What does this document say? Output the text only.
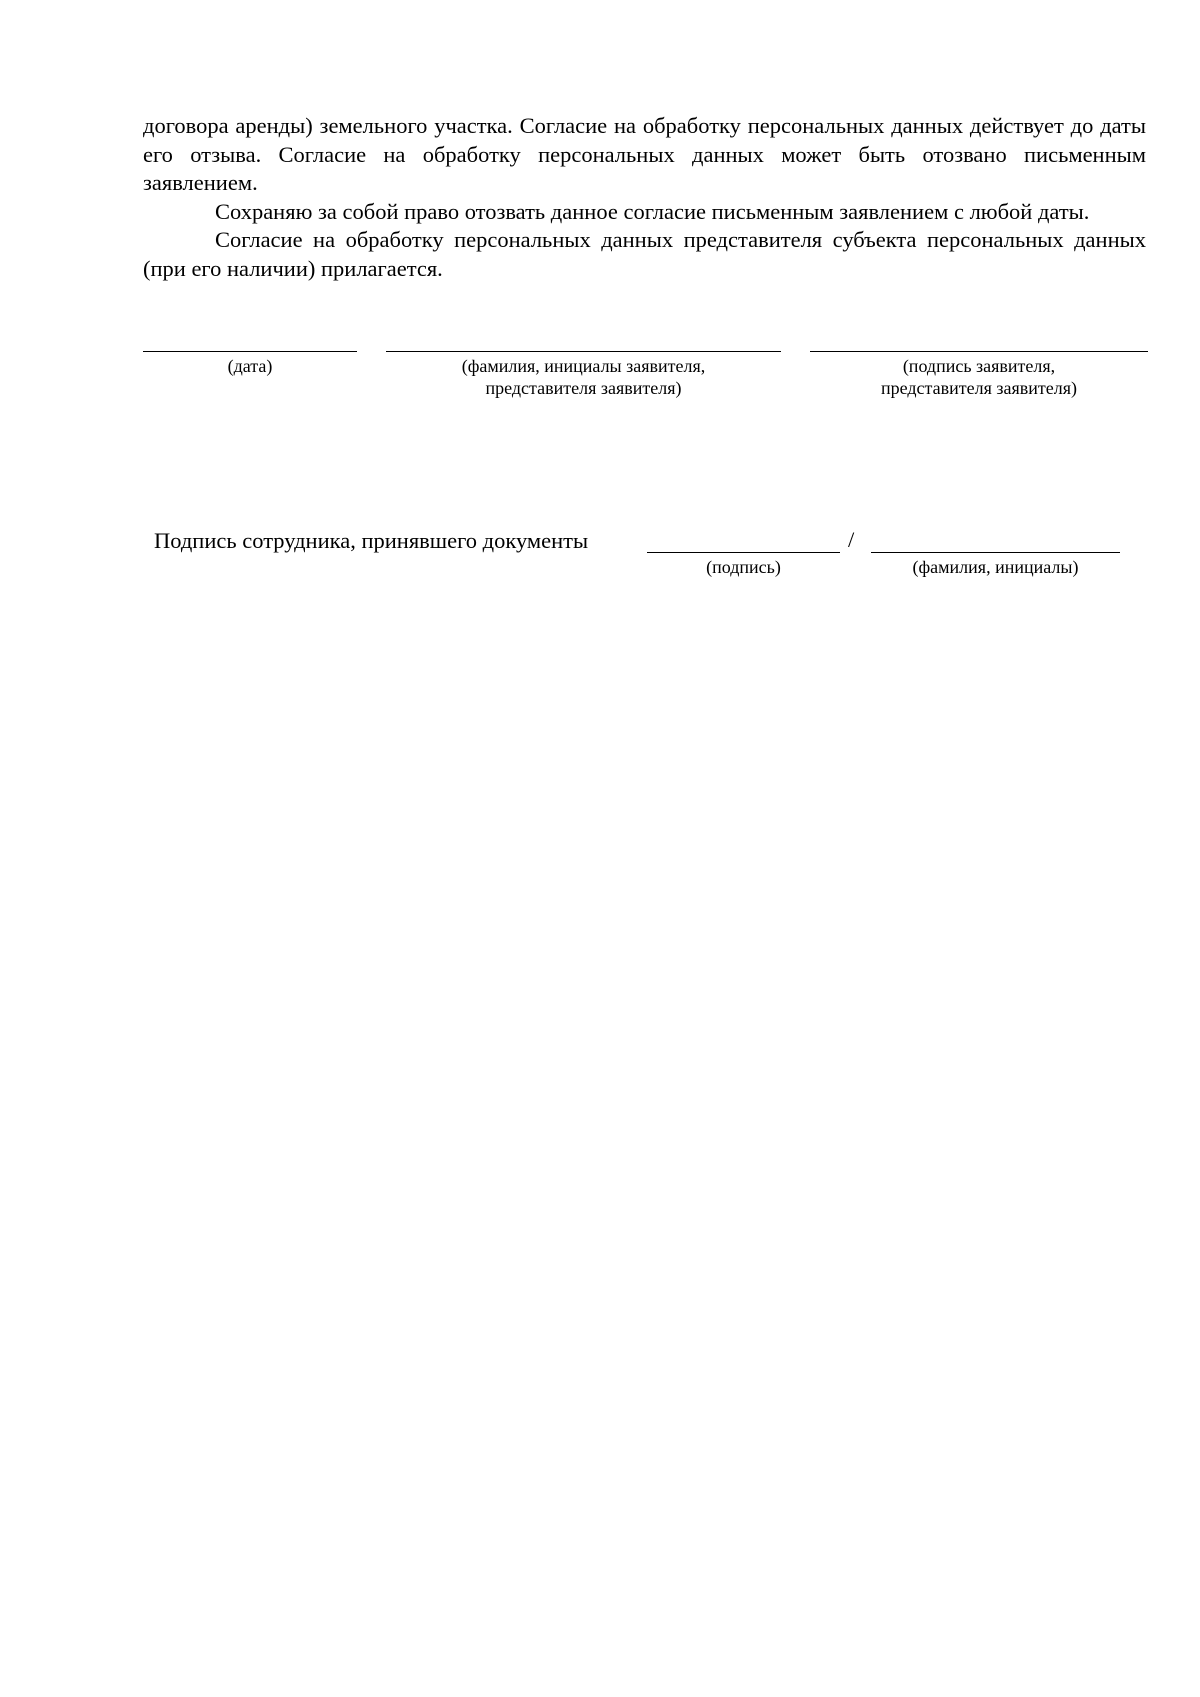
договора аренды) земельного участка. Согласие на обработку персональных данных действует до даты его отзыва. Согласие на обработку персональных данных может быть отозвано письменным заявлением.

Сохраняю за собой право отозвать данное согласие письменным заявлением с любой даты.

Согласие на обработку персональных данных представителя субъекта персональных данных (при его наличии) прилагается.

(дата)	(фамилия, инициалы заявителя,
представителя заявителя)
(подпись заявителя,
представителя заявителя)
Подпись сотрудника, принявшего документы
(подпись)
/
(фамилия, инициалы)
